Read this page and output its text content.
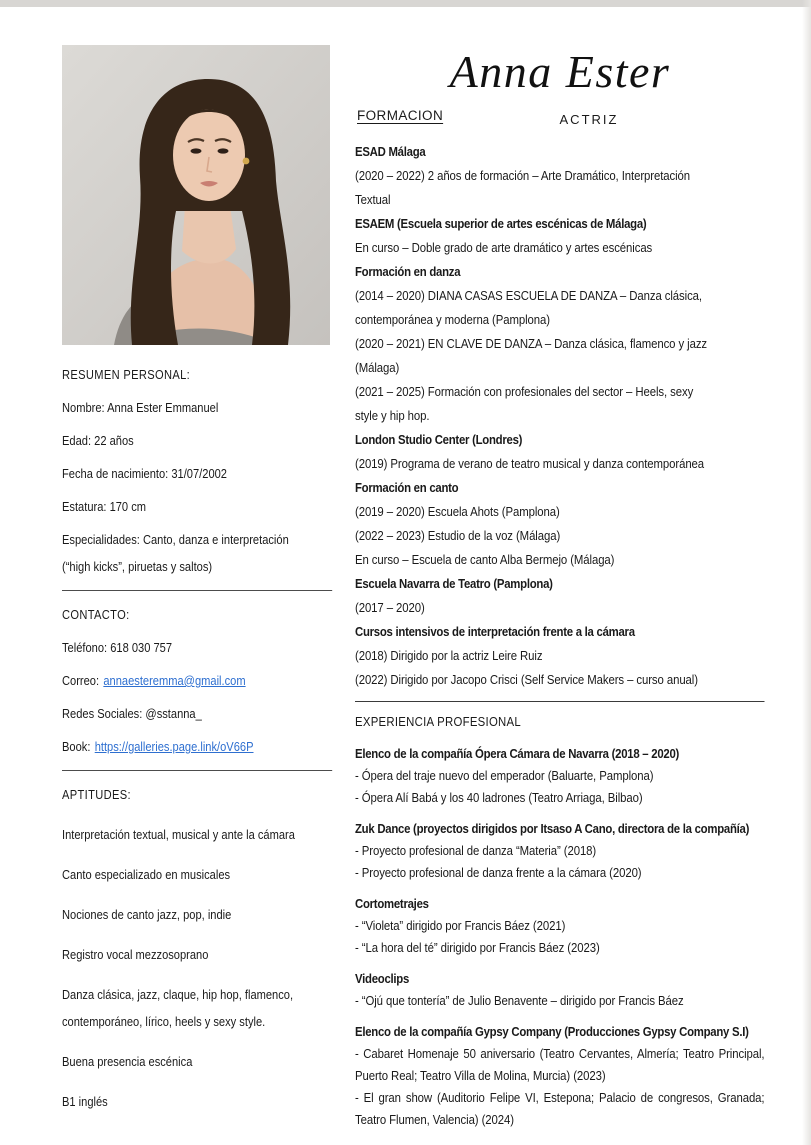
RESUMEN PERSONAL:

Nombre: Anna Ester Emmanuel

Edad: 22 años

Fecha de nacimiento: 31/07/2002

Estatura: 170 cm

Especialidades: Canto, danza e interpretación

(“high kicks”, piruetas y saltos)

CONTACTO:

Teléfono: 618 030 757

Correo: annaesteremma@gmail.com

Redes Sociales: @sstanna_

Book: https://galleries.page.link/oV66P

APTITUDES:

Interpretación textual, musical y ante la cámara

Canto especializado en musicales

Nociones de canto jazz, pop, indie

Registro vocal mezzosoprano

Danza clásica, jazz, claque, hip hop, flamenco,

contemporáneo, lírico, heels y sexy style.

Buena presencia escénica

B1 inglés

Anna Ester
FORMACION	ACTRIZ

ESAD Málaga

(2020 – 2022) 2 años de formación – Arte Dramático, Interpretación

Textual

ESAEM (Escuela superior de artes escénicas de Málaga)

En curso – Doble grado de arte dramático y artes escénicas

Formación en danza

(2014 – 2020) DIANA CASAS ESCUELA DE DANZA – Danza clásica,

contemporánea y moderna (Pamplona)

(2020 – 2021) EN CLAVE DE DANZA – Danza clásica, flamenco y jazz

(Málaga)

(2021 – 2025) Formación con profesionales del sector – Heels, sexy

style y hip hop.

London Studio Center (Londres)

(2019) Programa de verano de teatro musical y danza contemporánea

Formación en canto

(2019 – 2020) Escuela Ahots (Pamplona)

(2022 – 2023) Estudio de la voz (Málaga)

En curso – Escuela de canto Alba Bermejo (Málaga)

Escuela Navarra de Teatro (Pamplona)

(2017 – 2020)

Cursos intensivos de interpretación frente a la cámara

(2018) Dirigido por la actriz Leire Ruiz

(2022) Dirigido por Jacopo Crisci (Self Service Makers – curso anual)

EXPERIENCIA PROFESIONAL

Elenco de la compañía Ópera Cámara de Navarra (2018 – 2020)

- Ópera del traje nuevo del emperador (Baluarte, Pamplona)

- Ópera Alí Babá y los 40 ladrones (Teatro Arriaga, Bilbao)

Zuk Dance (proyectos dirigidos por Itsaso A Cano, directora de la compañía)

- Proyecto profesional de danza “Materia” (2018)

- Proyecto profesional de danza frente a la cámara (2020)

Cortometrajes

- “Violeta” dirigido por Francis Báez (2021)

- “La hora del té” dirigido por Francis Báez (2023)

Videoclips

- “Ojú que tontería” de Julio Benavente – dirigido por Francis Báez

Elenco de la compañía Gypsy Company (Producciones Gypsy Company S.I)

- Cabaret Homenaje 50 aniversario (Teatro Cervantes, Almería; Teatro Principal, Puerto Real; Teatro Villa de Molina, Murcia) (2023)

- El gran show (Auditorio Felipe VI, Estepona; Palacio de congresos, Granada; Teatro Flumen, Valencia) (2024)
